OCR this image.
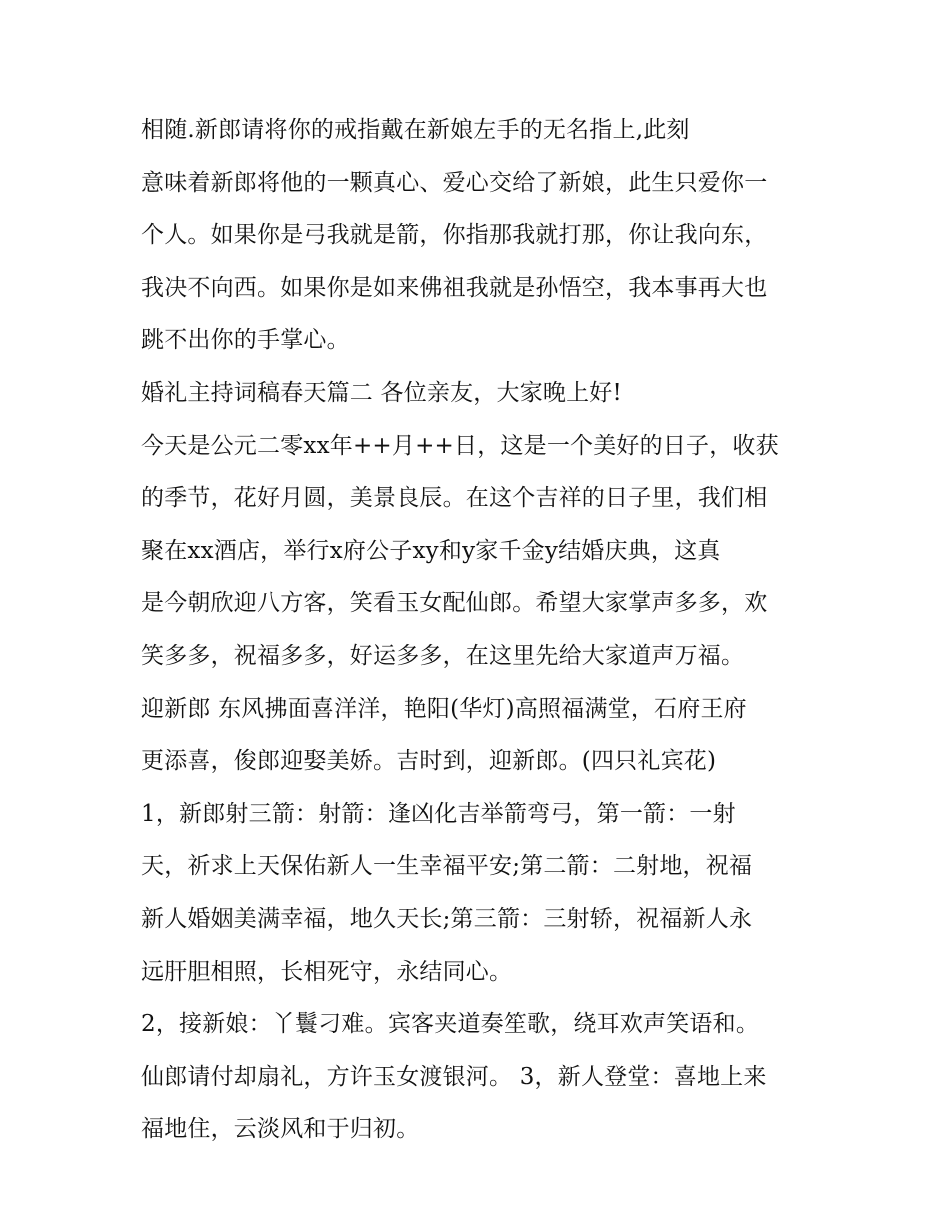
相随.新郎请将你的戒指戴在新娘左手的无名指上,此刻
意味着新郎将他的一颗真心、爱心交给了新娘，此生只爱你一
个人。如果你是弓我就是箭，你指那我就打那，你让我向东，
我决不向西。如果你是如来佛祖我就是孙悟空，我本事再大也
跳不出你的手掌心。
婚礼主持词稿春天篇二 各位亲友，大家晚上好!
今天是公元二零xx年++月++日，这是一个美好的日子，收获
的季节，花好月圆，美景良辰。在这个吉祥的日子里，我们相
聚在xx酒店，举行x府公子xy和y家千金y结婚庆典，这真
是今朝欣迎八方客，笑看玉女配仙郎。希望大家掌声多多，欢
笑多多，祝福多多，好运多多，在这里先给大家道声万福。
迎新郎 东风拂面喜洋洋，艳阳(华灯)高照福满堂，石府王府
更添喜，俊郎迎娶美娇。吉时到，迎新郎。(四只礼宾花)
1，新郎射三箭：射箭：逢凶化吉举箭弯弓，第一箭：一射
天，祈求上天保佑新人一生幸福平安;第二箭：二射地，祝福
新人婚姻美满幸福，地久天长;第三箭：三射轿，祝福新人永
远肝胆相照，长相死守，永结同心。
2，接新娘：丫鬟刁难。宾客夹道奏笙歌，绕耳欢声笑语和。
仙郎请付却扇礼，方许玉女渡银河。 3，新人登堂：喜地上来
福地住，云淡风和于归初。
